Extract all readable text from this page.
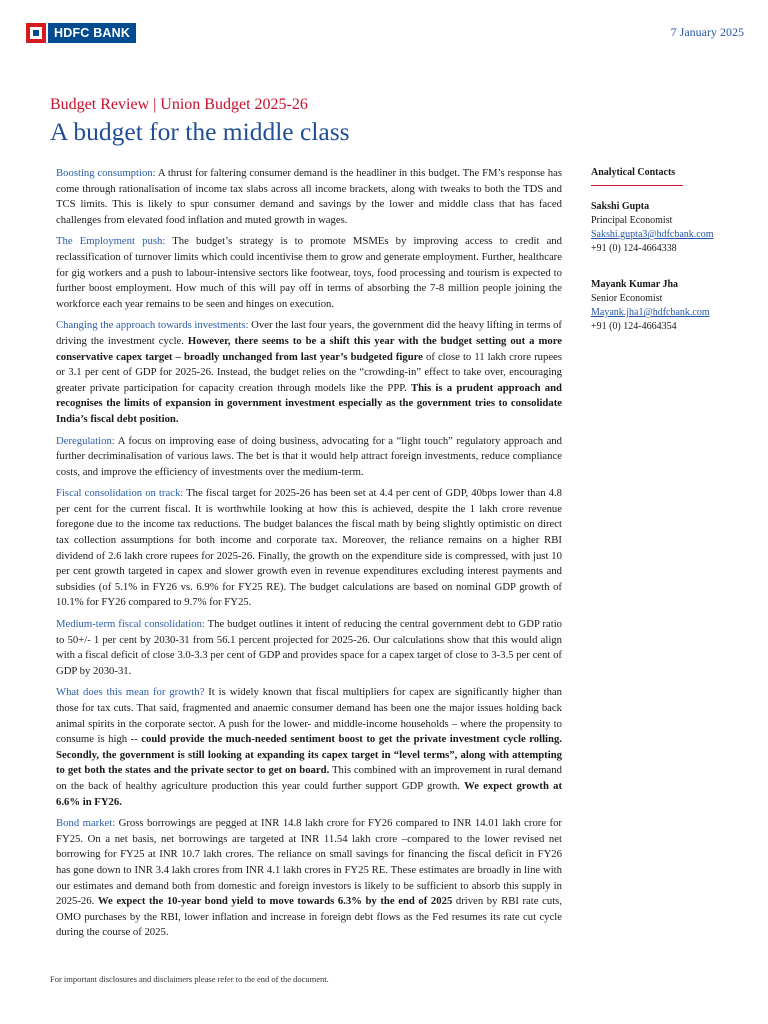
HDFC BANK	7 January 2025
Budget Review | Union Budget 2025-26
A budget for the middle class

Boosting consumption: A thrust for faltering consumer demand is the headliner in this budget. The FM’s response has come through rationalisation of income tax slabs across all income brackets, along with tweaks to both the TDS and TCS limits. This is likely to spur consumer demand and savings by the lower and middle class that has faced challenges from elevated food inflation and muted growth in wages.

The Employment push: The budget’s strategy is to promote MSMEs by improving access to credit and reclassification of turnover limits which could incentivise them to grow and generate employment. Further, healthcare for gig workers and a push to labour-intensive sectors like footwear, toys, food processing and tourism is expected to further boost employment. How much of this will pay off in terms of absorbing the 7-8 million people joining the workforce each year remains to be seen and hinges on execution.

Changing the approach towards investments: Over the last four years, the government did the heavy lifting in terms of driving the investment cycle. However, there seems to be a shift this year with the budget setting out a more conservative capex target – broadly unchanged from last year’s budgeted figure of close to 11 lakh crore rupees or 3.1 per cent of GDP for 2025-26. Instead, the budget relies on the “crowding-in” effect to take over, encouraging greater private participation for capacity creation through models like the PPP. This is a prudent approach and recognises the limits of expansion in government investment especially as the government tries to consolidate India’s fiscal debt position.

Deregulation: A focus on improving ease of doing business, advocating for a “light touch” regulatory approach and further decriminalisation of various laws. The bet is that it would help attract foreign investments, reduce compliance costs, and improve the efficiency of investments over the medium-term.

Fiscal consolidation on track: The fiscal target for 2025-26 has been set at 4.4 per cent of GDP, 40bps lower than 4.8 per cent for the current fiscal. It is worthwhile looking at how this is achieved, despite the 1 lakh crore revenue foregone due to the income tax reductions. The budget balances the fiscal math by being slightly optimistic on direct tax collection assumptions for both income and corporate tax. Moreover, the reliance remains on a higher RBI dividend of 2.6 lakh crore rupees for 2025-26. Finally, the growth on the expenditure side is compressed, with just 10 per cent growth targeted in capex and slower growth even in revenue expenditures excluding interest payments and subsidies (of 5.1% in FY26 vs. 6.9% for FY25 RE). The budget calculations are based on nominal GDP growth of 10.1% for FY26 compared to 9.7% for FY25.

Medium-term fiscal consolidation: The budget outlines it intent of reducing the central government debt to GDP ratio to 50+/- 1 per cent by 2030-31 from 56.1 percent projected for 2025-26. Our calculations show that this would align with a fiscal deficit of close 3.0-3.3 per cent of GDP and provides space for a capex target of close to 3-3.5 per cent of GDP by 2030-31.

What does this mean for growth? It is widely known that fiscal multipliers for capex are significantly higher than those for tax cuts. That said, fragmented and anaemic consumer demand has been one the major issues holding back animal spirits in the corporate sector. A push for the lower- and middle-income households – where the propensity to consume is high -- could provide the much-needed sentiment boost to get the private investment cycle rolling. Secondly, the government is still looking at expanding its capex target in “level terms”, along with attempting to get both the states and the private sector to get on board. This combined with an improvement in rural demand on the back of healthy agriculture production this year could further support GDP growth. We expect growth at 6.6% in FY26.

Bond market: Gross borrowings are pegged at INR 14.8 lakh crore for FY26 compared to INR 14.01 lakh crore for FY25. On a net basis, net borrowings are targeted at INR 11.54 lakh crore –compared to the lower revised net borrowing for FY25 at INR 10.7 lakh crores. The reliance on small savings for financing the fiscal deficit in FY26 has gone down to INR 3.4 lakh crores from INR 4.1 lakh crores in FY25 RE. These estimates are broadly in line with our estimates and demand both from domestic and foreign investors is likely to be sufficient to absorb this supply in 2025-26. We expect the 10-year bond yield to move towards 6.3% by the end of 2025 driven by RBI rate cuts, OMO purchases by the RBI, lower inflation and increase in foreign debt flows as the Fed resumes its rate cut cycle during the course of 2025.

Analytical Contacts
Sakshi Gupta
Principal Economist
Sakshi.gupta3@hdfcbank.com
+91 (0) 124-4664338
Mayank Kumar Jha
Senior Economist
Mayank.jha1@hdfcbank.com
+91 (0) 124-4664354
For important disclosures and disclaimers please refer to the end of the document.
